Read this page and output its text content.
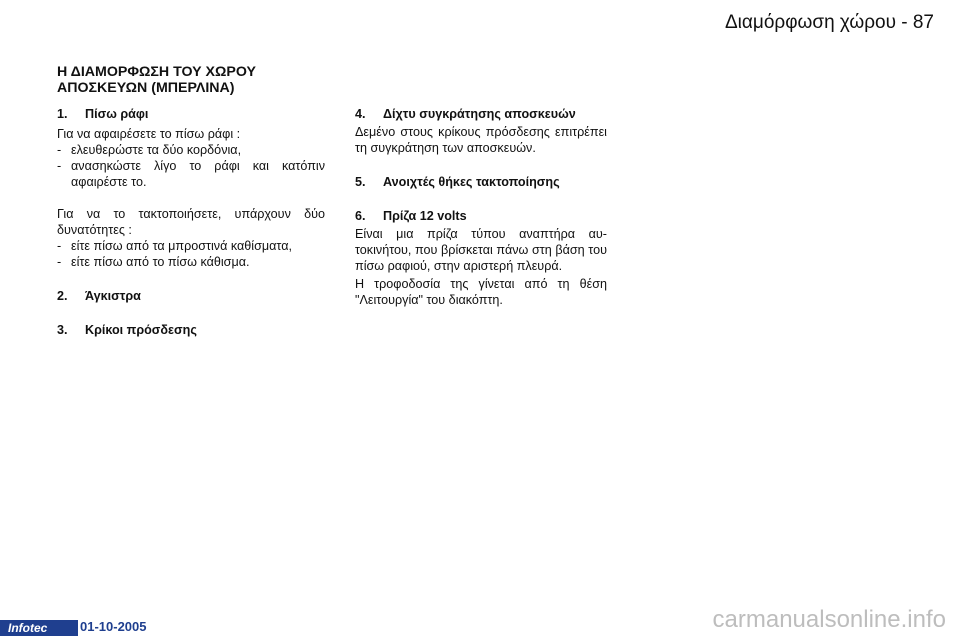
Διαμόρφωση χώρου - 87
Η ΔΙΑΜΟΡΦΩΣΗ ΤΟΥ ΧΩΡΟΥ ΑΠΟΣΚΕΥΩΝ (ΜΠΕΡΛΙΝΑ)
1.	Πίσω ράφι

Για να αφαιρέσετε το πίσω ράφι :

- ελευθερώστε τα δύο κορδόνια,
- ανασηκώστε λίγο το ράφι και κατόπιν αφαιρέστε το.

Για να το τακτοποιήσετε, υπάρχουν δύο δυνατότητες :

- είτε πίσω από τα μπροστινά καθίσματα,
- είτε πίσω από το πίσω κάθισμα.
2.	Άγκιστρα
3.	Κρίκοι πρόσδεσης
4.	Δίχτυ συγκράτησης αποσκευών

Δεμένο στους κρίκους πρόσδεσης επιτρέπει τη συγκράτηση των αποσκευών.

5.	Ανοιχτές θήκες τακτοποίησης
6.	Πρίζα 12 volts

Είναι μια πρίζα τύπου αναπτήρα αυτοκινήτου, που βρίσκεται πάνω στη βάση του πίσω ραφιού, στην αριστερή πλευρά.

Η τροφοδοσία της γίνεται από τη θέση "Λειτουργία" του διακόπτη.

Infotec	01-10-2005	carmanualsonline.info
